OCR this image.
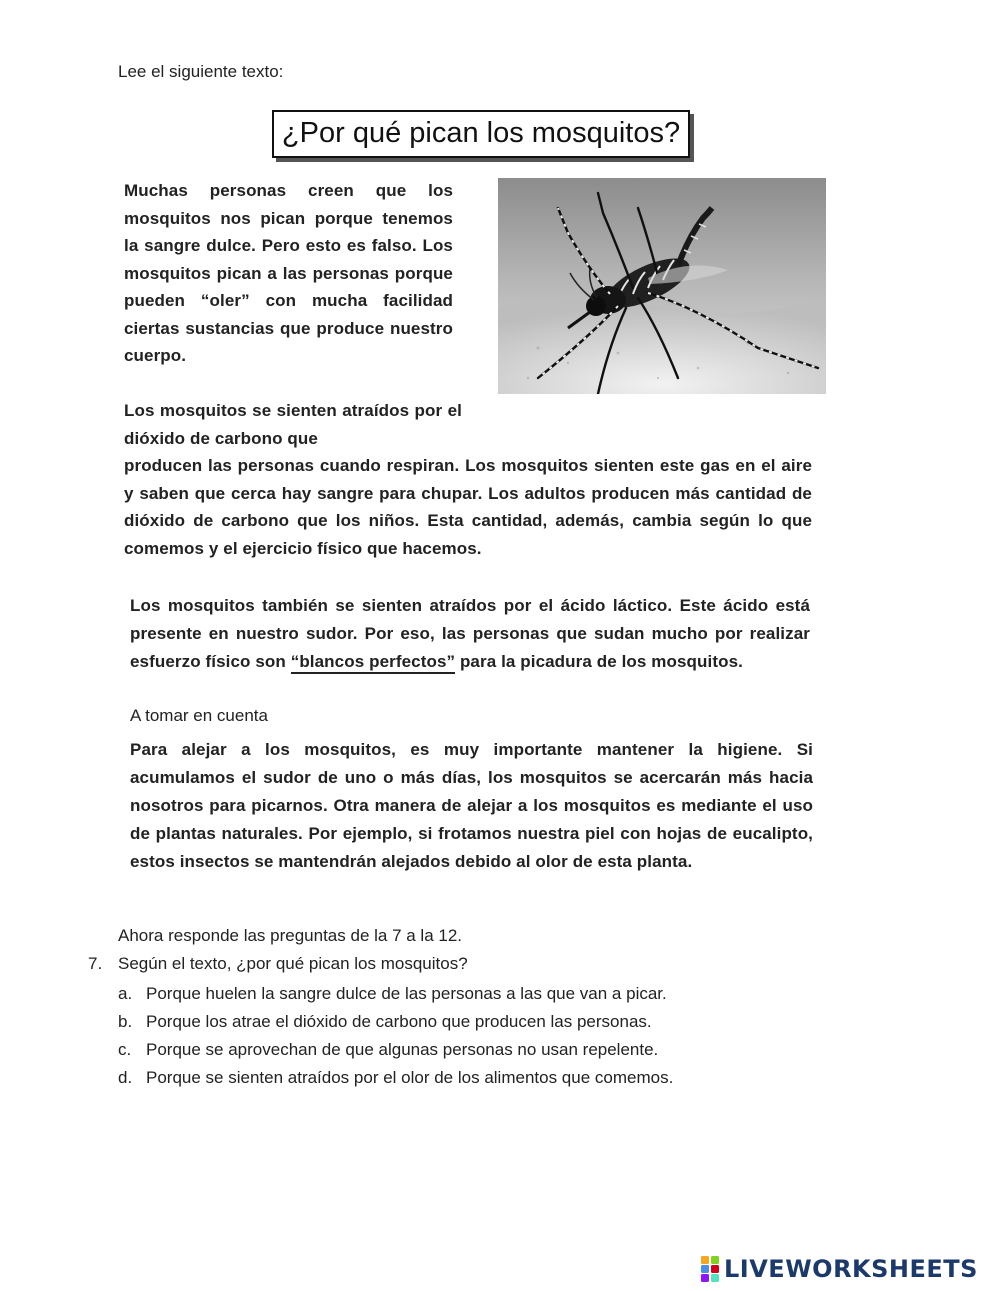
Lee el siguiente texto:
¿Por qué pican los mosquitos?
Muchas personas creen que los mosquitos nos pican porque tenemos la sangre dulce. Pero esto es falso. Los mosquitos pican a las personas porque pueden “oler” con mucha facilidad ciertas sustancias que produce nuestro cuerpo.
Los mosquitos se sienten atraídos por el dióxido de carbono que
producen las personas cuando respiran. Los mosquitos sienten este gas en el aire y saben que cerca hay sangre para chupar. Los adultos producen más cantidad de dióxido de carbono que los niños. Esta cantidad, además, cambia según lo que comemos y el ejercicio físico que hacemos.
Los mosquitos también se sienten atraídos por el ácido láctico. Este ácido está presente en nuestro sudor. Por eso, las personas que sudan mucho por realizar esfuerzo físico son “blancos perfectos” para la picadura de los mosquitos.
A tomar en cuenta
Para alejar a los mosquitos, es muy importante mantener la higiene. Si acumulamos el sudor de uno o más días, los mosquitos se acercarán más hacia nosotros para picarnos. Otra manera de alejar a los mosquitos es mediante el uso de plantas naturales. Por ejemplo, si frotamos nuestra piel con hojas de eucalipto, estos insectos se mantendrán alejados debido al olor de esta planta.
Ahora responde las preguntas de la 7 a la 12.
7. Según el texto, ¿por qué pican los mosquitos?
a. Porque huelen la sangre dulce de las personas a las que van a picar.
b. Porque los atrae el dióxido de carbono que producen las personas.
c. Porque se aprovechan de que algunas personas no usan repelente.
d. Porque se sienten atraídos por el olor de los alimentos que comemos.
LIVEWORKSHEETS
